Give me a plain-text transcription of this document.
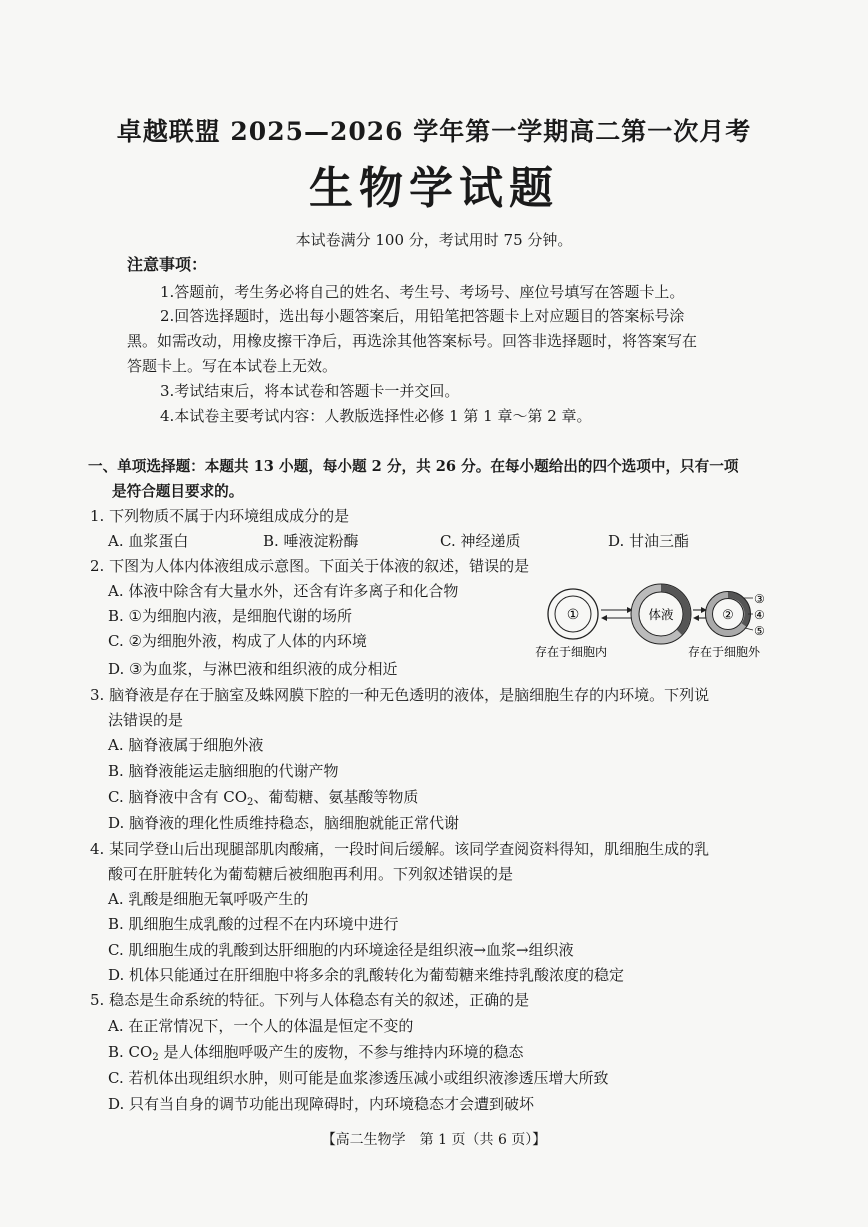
卓越联盟 2025—2026 学年第一学期高二第一次月考
生物学试题
本试卷满分 100 分，考试用时 75 分钟。
注意事项：
1.答题前，考生务必将自己的姓名、考生号、考场号、座位号填写在答题卡上。
2.回答选择题时，选出每小题答案后，用铅笔把答题卡上对应题目的答案标号涂
黑。如需改动，用橡皮擦干净后，再选涂其他答案标号。回答非选择题时，将答案写在
答题卡上。写在本试卷上无效。
3.考试结束后，将本试卷和答题卡一并交回。
4.本试卷主要考试内容：人教版选择性必修 1 第 1 章～第 2 章。
一、单项选择题：本题共 13 小题，每小题 2 分，共 26 分。在每小题给出的四个选项中，只有一项
是符合题目要求的。
1. 下列物质不属于内环境组成成分的是
A. 血浆蛋白	B. 唾液淀粉酶	C. 神经递质	D. 甘油三酯
2. 下图为人体内体液组成示意图。下面关于体液的叙述，错误的是
A. 体液中除含有大量水外，还含有许多离子和化合物
B. ①为细胞内液，是细胞代谢的场所
C. ②为细胞外液，构成了人体的内环境
D. ③为血浆，与淋巴液和组织液的成分相近
①	体液	②
③
④
⑤
存在于细胞内	存在于细胞外
3. 脑脊液是存在于脑室及蛛网膜下腔的一种无色透明的液体，是脑细胞生存的内环境。下列说
法错误的是
A. 脑脊液属于细胞外液
B. 脑脊液能运走脑细胞的代谢产物
C. 脑脊液中含有 $CO_2$、葡萄糖、氨基酸等物质
D. 脑脊液的理化性质维持稳态，脑细胞就能正常代谢
4. 某同学登山后出现腿部肌肉酸痛，一段时间后缓解。该同学查阅资料得知，肌细胞生成的乳
酸可在肝脏转化为葡萄糖后被细胞再利用。下列叙述错误的是
A. 乳酸是细胞无氧呼吸产生的
B. 肌细胞生成乳酸的过程不在内环境中进行
C. 肌细胞生成的乳酸到达肝细胞的内环境途径是组织液→血浆→组织液
D. 机体只能通过在肝细胞中将多余的乳酸转化为葡萄糖来维持乳酸浓度的稳定
5. 稳态是生命系统的特征。下列与人体稳态有关的叙述，正确的是
A. 在正常情况下，一个人的体温是恒定不变的
B. $CO_2$ 是人体细胞呼吸产生的废物，不参与维持内环境的稳态
C. 若机体出现组织水肿，则可能是血浆渗透压减小或组织液渗透压增大所致
D. 只有当自身的调节功能出现障碍时，内环境稳态才会遭到破坏
【高二生物学　第 1 页（共 6 页）】
